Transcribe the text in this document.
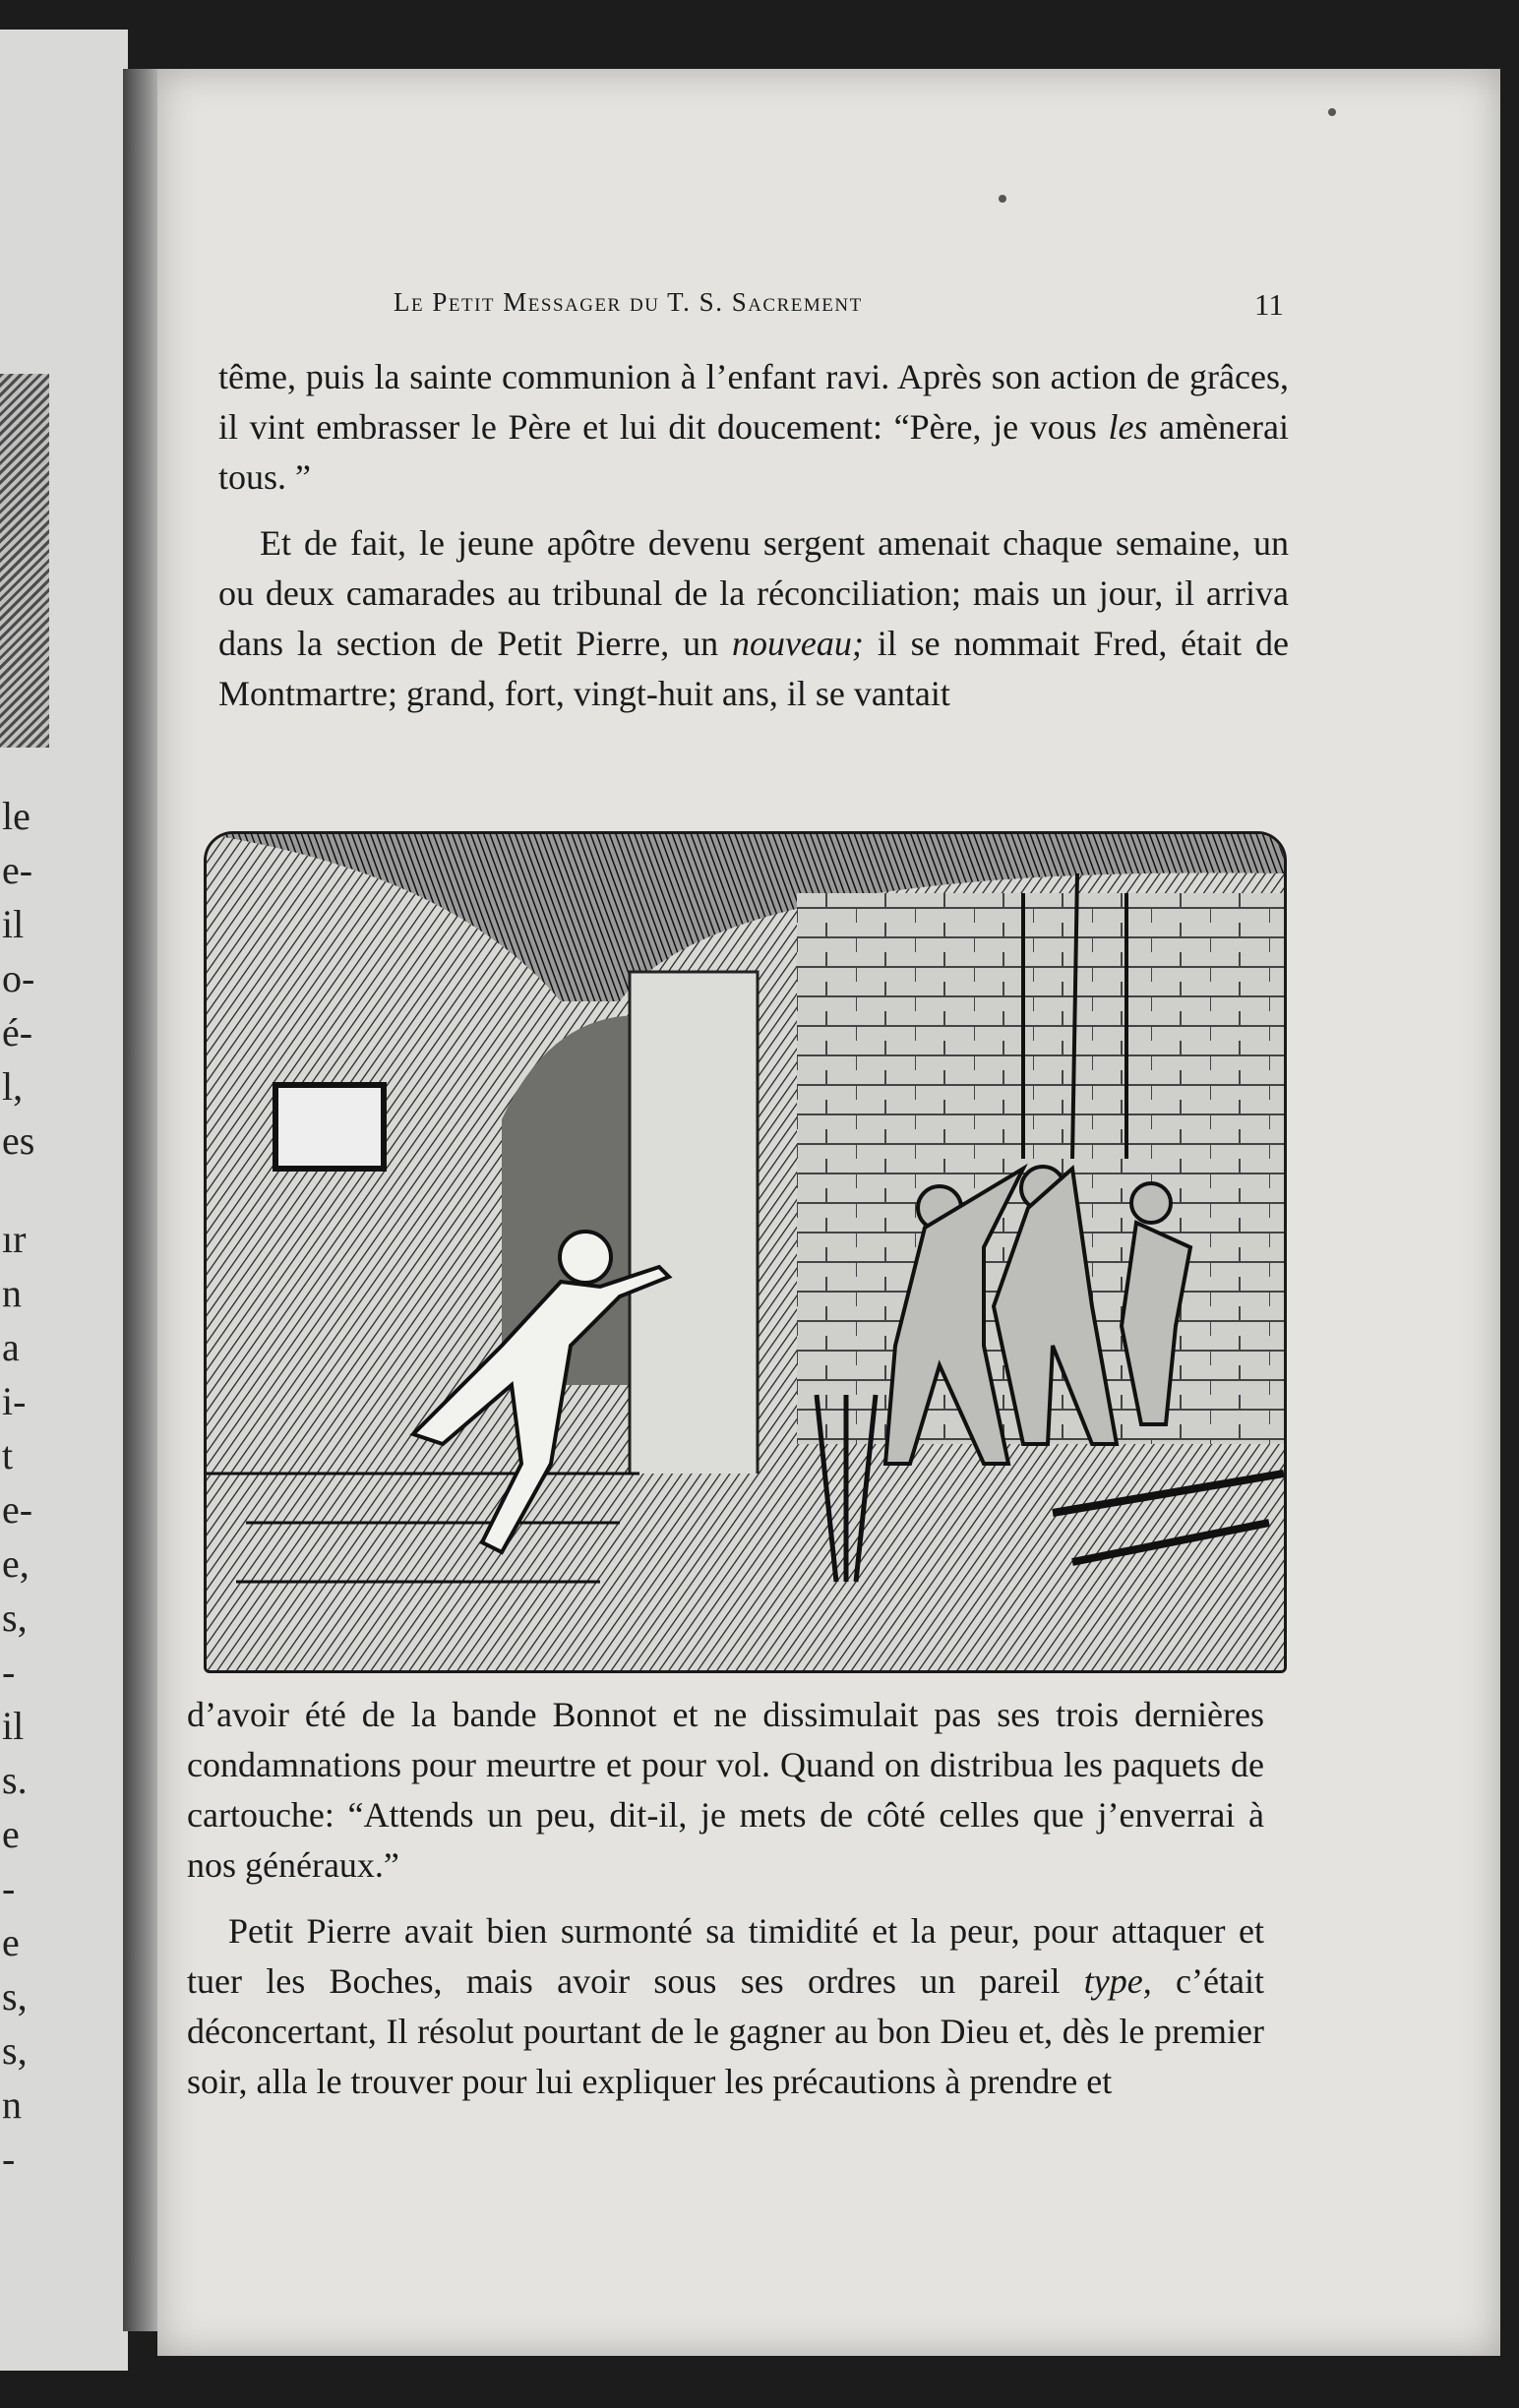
le
e-
il
o-
é-
l,
es
ır
n
a
i-
t
e-
e,
s,
-
il
s.
e
-
e
s,
s,
n
-
Le Petit Messager du T. S. Sacrement	11

tême, puis la sainte communion à l’enfant ravi. Après son action de grâces, il vint embrasser le Père et lui dit doucement: “Père, je vous les amènerai tous. ”

Et de fait, le jeune apôtre devenu sergent amenait chaque semaine, un ou deux camarades au tribunal de la réconciliation; mais un jour, il arriva dans la section de Petit Pierre, un nouveau; il se nommait Fred, était de Montmartre; grand, fort, vingt-huit ans, il se vantait

d’avoir été de la bande Bonnot et ne dissimulait pas ses trois dernières condamnations pour meurtre et pour vol. Quand on distribua les paquets de cartouche: “Attends un peu, dit-il, je mets de côté celles que j’enverrai à nos généraux.”

Petit Pierre avait bien surmonté sa timidité et la peur, pour attaquer et tuer les Boches, mais avoir sous ses ordres un pareil type, c’était déconcertant, Il résolut pourtant de le gagner au bon Dieu et, dès le premier soir, alla le trouver pour lui expliquer les précautions à prendre et
